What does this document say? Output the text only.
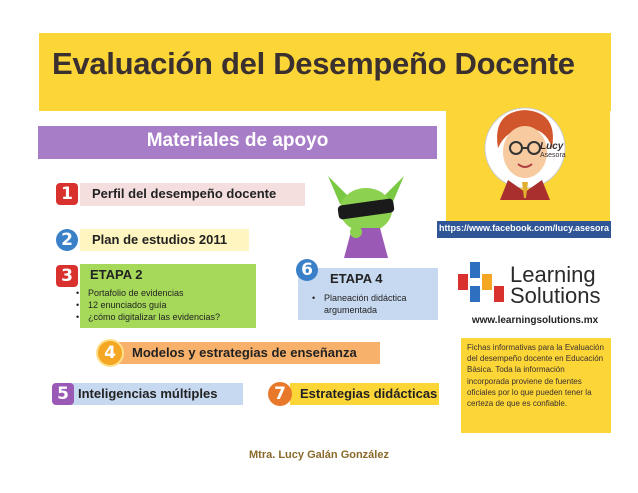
Evaluación del Desempeño Docente
Materiales de apoyo	Lucy
Asesora
https://www.facebook.com/lucy.asesora
1	Perfil del desempeño docente
2	Plan de estudios 2011
3	ETAPA 2
• Portafolio de evidencias
• 12 enunciados guía
• ¿cómo digitalizar las evidencias?
6	ETAPA 4
• Planeación didáctica argumentada
4	Modelos y estrategias de enseñanza
5 Inteligencias múltiples	7	Estrategias didácticas
Learning
Solutions
www.learningsolutions.mx
Fichas informativas para la Evaluación del desempeño docente en Educación Básica. Toda la información incorporada proviene de fuentes oficiales por lo que pueden tener la certeza de que es confiable.
Mtra. Lucy Galán González
